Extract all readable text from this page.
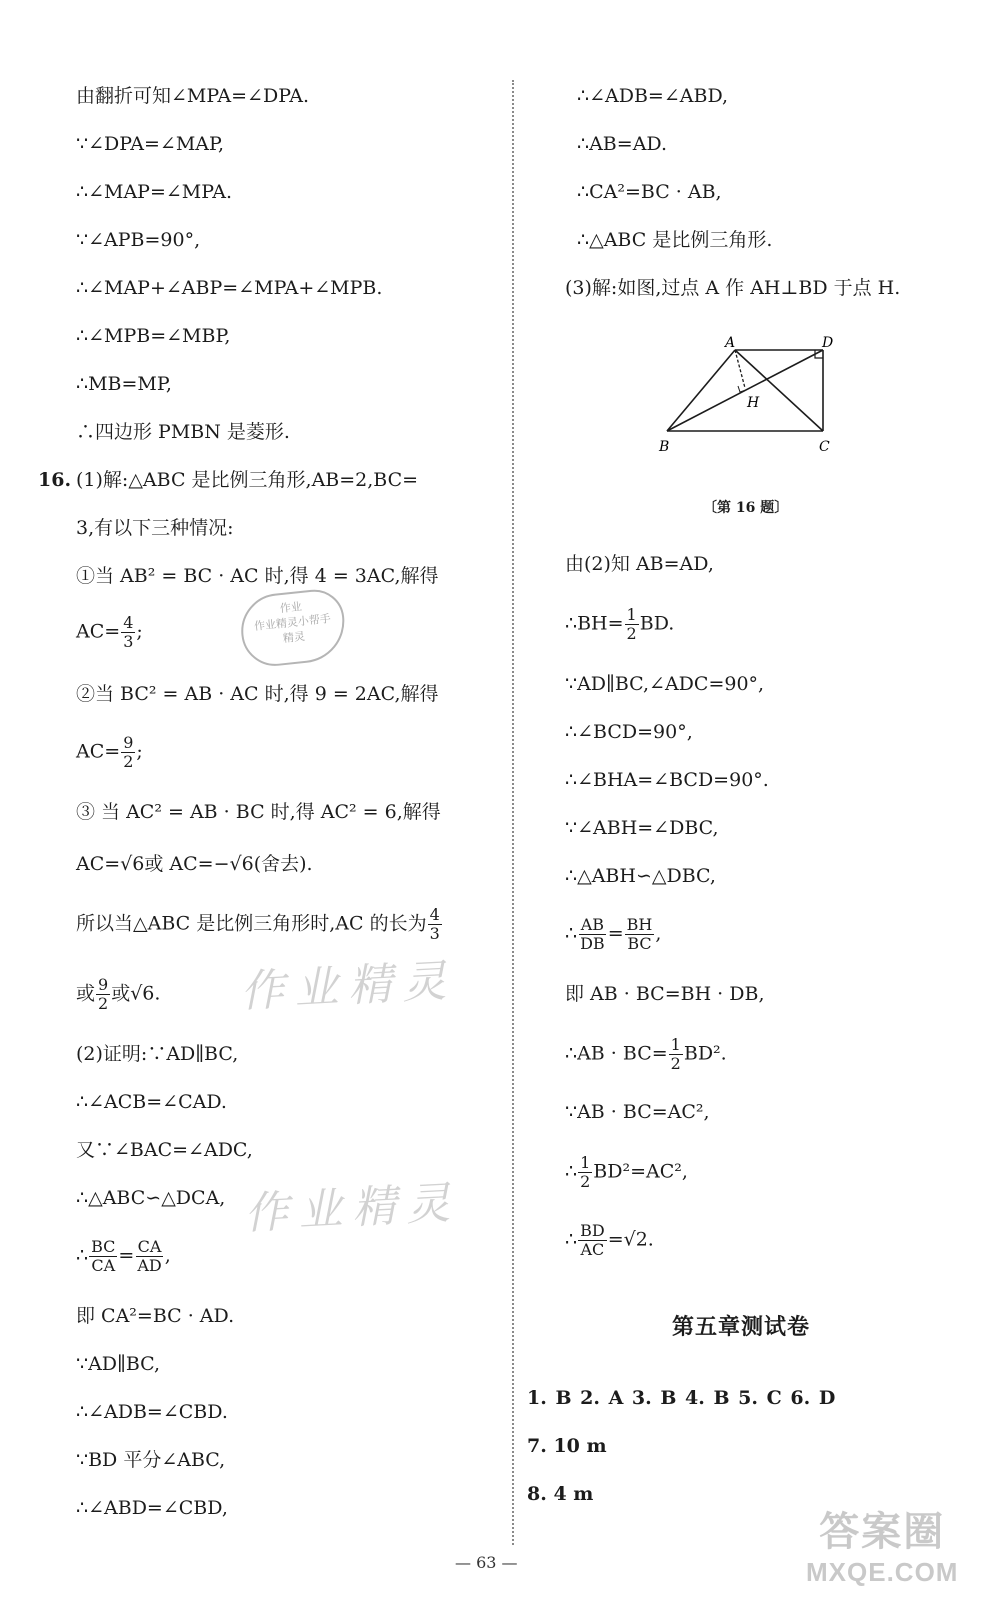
由翻折可知∠MPA=∠DPA.
∵∠DPA=∠MAP,
∴∠MAP=∠MPA.
∵∠APB=90°,
∴∠MAP+∠ABP=∠MPA+∠MPB.
∴∠MPB=∠MBP,
∴MB=MP,
∴四边形 PMBN 是菱形.
16. (1)解:△ABC 是比例三角形,AB=2,BC=
3,有以下三种情况:
①当 AB² = BC · AC 时,得 4 = 3AC,解得
$AC= \frac{4}{3}$ ;
②当 BC² = AB · AC 时,得 9 = 2AC,解得
$AC= \frac{9}{2}$ ;
③ 当 AC² = AB · BC 时,得 AC² = 6,解得
AC=√6或 AC=−√6(舍去).
所以当△ABC 是比例三角形时,AC 的长为 $\frac{4}{3}$
或 $\frac{9}{2}$ 或√6.
(2)证明:∵AD∥BC,
∴∠ACB=∠CAD.
又∵∠BAC=∠ADC,
∴△ABC∽△DCA,
∴ $\frac{BC}{CA} = \frac{CA}{AD}$ ,
即 CA²=BC · AD.
∵AD∥BC,
∴∠ADB=∠CBD.
∵BD 平分∠ABC,
∴∠ABD=∠CBD,
∴∠ADB=∠ABD,
∴AB=AD.
∴CA²=BC · AB,
∴△ABC 是比例三角形.
(3)解:如图,过点 A 作 AH⊥BD 于点 H.
由(2)知 AB=AD,
∴BH= $\frac{1}{2}$ BD.
∵AD∥BC,∠ADC=90°,
∴∠BCD=90°,
∴∠BHA=∠BCD=90°.
∵∠ABH=∠DBC,
∴△ABH∽△DBC,
∴ $\frac{AB}{DB} = \frac{BH}{BC}$ ,
即 AB · BC=BH · DB,
∴AB · $BC= \frac{1}{2} BD^2$.
∵AB · BC=AC²,
∴ $\frac{1}{2} BD^2=AC^2$,
∴ $\frac{BD}{AC} =√2$.
A	D
H
B	C
〔第 16 题〕
第五章测试卷
1. B 2. A 3. B 4. B 5. C 6. D
7. 10 m
8. 4 m
作业精灵
作业精灵
作业
作业精灵小帮手
精灵
答案圈
MXQE.COM
— 63 —
